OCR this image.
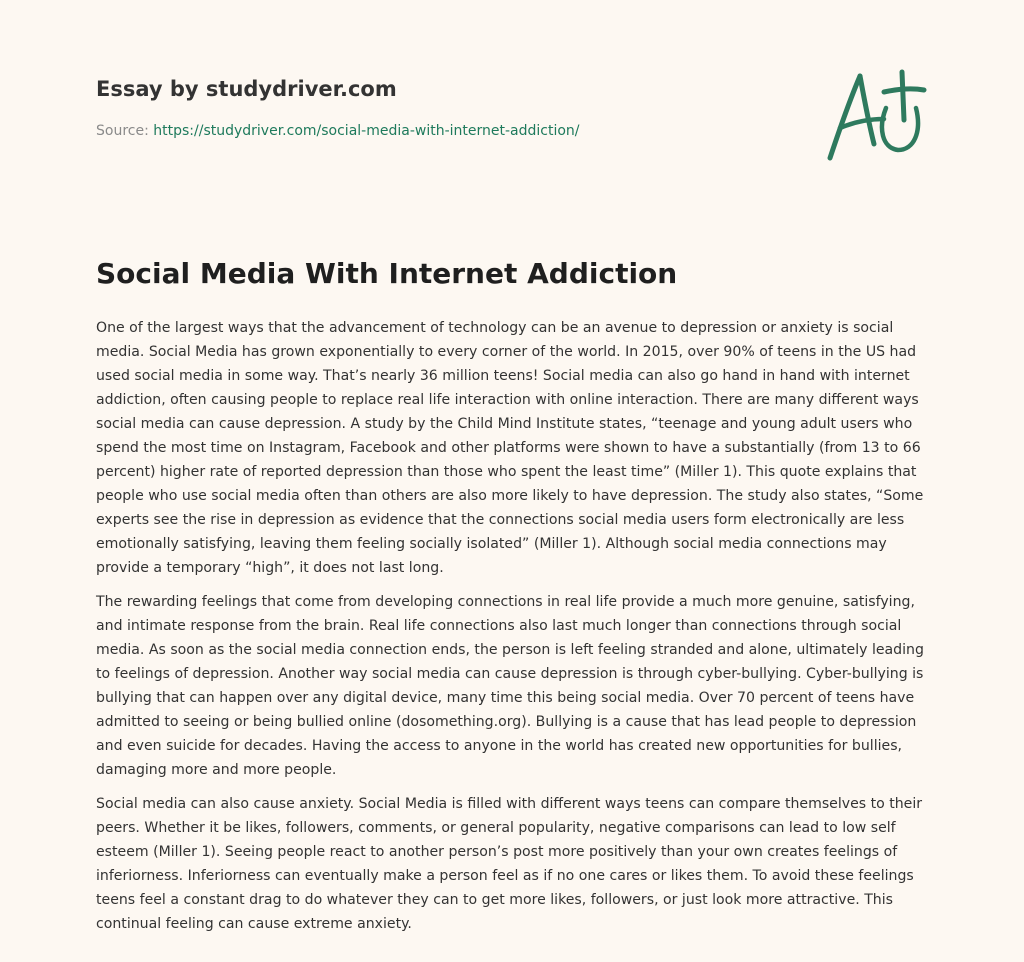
Essay by studydriver.com
Source: https://studydriver.com/social-media-with-internet-addiction/
Social Media With Internet Addiction

One of the largest ways that the advancement of technology can be an avenue to depression or anxiety is social media. Social Media has grown exponentially to every corner of the world. In 2015, over 90% of teens in the US had used social media in some way. That’s nearly 36 million teens! Social media can also go hand in hand with internet addiction, often causing people to replace real life interaction with online interaction. There are many different ways social media can cause depression. A study by the Child Mind Institute states, “teenage and young adult users who spend the most time on Instagram, Facebook and other platforms were shown to have a substantially (from 13 to 66 percent) higher rate of reported depression than those who spent the least time” (Miller 1). This quote explains that people who use social media often than others are also more likely to have depression. The study also states, “Some experts see the rise in depression as evidence that the connections social media users form electronically are less emotionally satisfying, leaving them feeling socially isolated” (Miller 1). Although social media connections may provide a temporary “high”, it does not last long.

The rewarding feelings that come from developing connections in real life provide a much more genuine, satisfying, and intimate response from the brain. Real life connections also last much longer than connections through social media. As soon as the social media connection ends, the person is left feeling stranded and alone, ultimately leading to feelings of depression. Another way social media can cause depression is through cyber-bullying. Cyber-bullying is bullying that can happen over any digital device, many time this being social media. Over 70 percent of teens have admitted to seeing or being bullied online (dosomething.org). Bullying is a cause that has lead people to depression and even suicide for decades. Having the access to anyone in the world has created new opportunities for bullies, damaging more and more people.

Social media can also cause anxiety. Social Media is filled with different ways teens can compare themselves to their peers. Whether it be likes, followers, comments, or general popularity, negative comparisons can lead to low self esteem (Miller 1). Seeing people react to another person’s post more positively than your own creates feelings of inferiorness. Inferiorness can eventually make a person feel as if no one cares or likes them. To avoid these feelings teens feel a constant drag to do whatever they can to get more likes, followers, or just look more attractive. This continual feeling can cause extreme anxiety.
